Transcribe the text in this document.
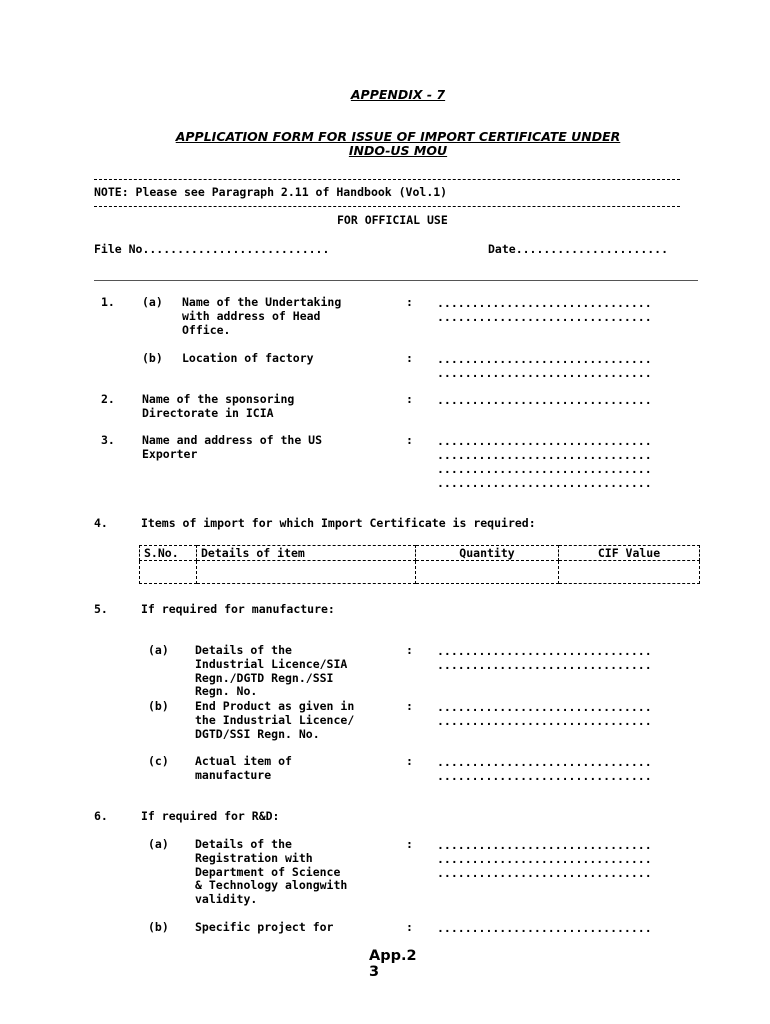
APPENDIX - 7
APPLICATION FORM FOR ISSUE OF IMPORT CERTIFICATE UNDER
INDO-US MOU
NOTE: Please see Paragraph 2.11 of Handbook (Vol.1)
FOR OFFICIAL USE
File No...........................	Date......................
1. (a) Name of the Undertaking
with address of Head
Office.
: ...............................
...............................
(b) Location of factory	: ...............................
...............................
2. Name of the sponsoring
Directorate in ICIA
: ...............................
3. Name and address of the US
Exporter
: ...............................
...............................
...............................
...............................
4.	Items of import for which Import Certificate is required:
S.No.	Details of item	Quantity	CIF Value

5.	If required for manufacture:
(a) Details of the
Industrial Licence/SIA
Regn./DGTD Regn./SSI
Regn. No.
: ...............................
...............................
(b) End Product as given in
the Industrial Licence/
DGTD/SSI Regn. No.
: ...............................
...............................
(c) Actual item of
manufacture
: ...............................
...............................
6.	If required for R&D:
(a) Details of the
Registration with
Department of Science
& Technology alongwith
validity.
: ...............................
...............................
...............................
(b) Specific project for	: ...............................
App.2
3
